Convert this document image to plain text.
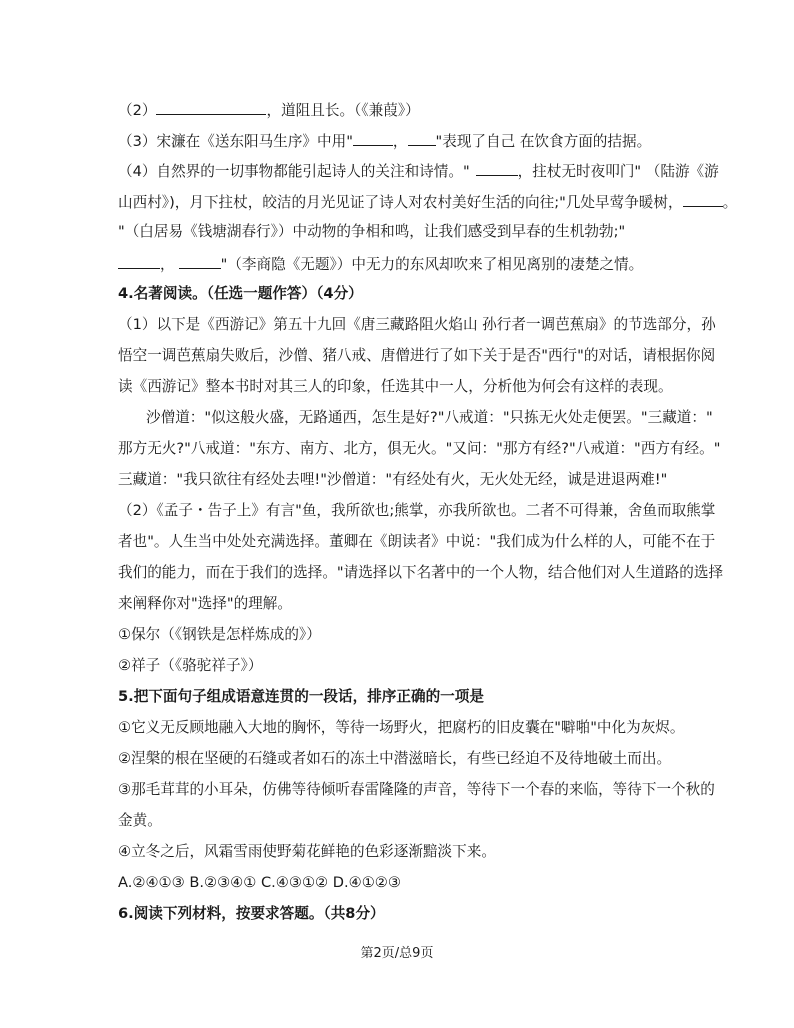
（2）	，道阻且长。（《兼葭》）
（3）宋濂在《送东阳马生序》中用"	， "表现了自己 在饮食方面的拮据。
（4）自然界的一切事物都能引起诗人的关注和诗情。"	，拄杖无时夜叩门" （陆游《游
山西村》)，月下拄杖，皎洁的月光见证了诗人对农村美好生活的向往;"几处早莺争暖树，	。
"（白居易《钱塘湖春行》）中动物的争相和鸣，让我们感受到早春的生机勃勃;"
，	"（李商隐《无题》）中无力的东风却吹来了相见离别的凄楚之情。
4.名著阅读。（任选一题作答）（4分）
（1）以下是《西游记》第五十九回《唐三藏路阻火焰山 孙行者一调芭蕉扇》的节选部分，孙
悟空一调芭蕉扇失败后，沙僧、猪八戒、唐僧进行了如下关于是否"西行"的对话，请根据你阅
读《西游记》整本书时对其三人的印象，任选其中一人，分析他为何会有这样的表现。
沙僧道："似这般火盛，无路通西，怎生是好?"八戒道："只拣无火处走便罢。"三藏道："
那方无火?"八戒道："东方、南方、北方，俱无火。"又问："那方有经?"八戒道："西方有经。"
三藏道："我只欲往有经处去哩!"沙僧道："有经处有火，无火处无经，诚是进退两难!"
（2）《孟子・告子上》有言"鱼，我所欲也;熊掌，亦我所欲也。二者不可得兼，舍鱼而取熊掌
者也"。人生当中处处充满选择。董卿在《朗读者》中说："我们成为什么样的人，可能不在于
我们的能力，而在于我们的选择。"请选择以下名著中的一个人物，结合他们对人生道路的选择
来阐释你对"选择"的理解。
①保尔（《钢铁是怎样炼成的》）
②祥子（《骆驼祥子》）
5.把下面句子组成语意连贯的一段话，排序正确的一项是
①它义无反顾地融入大地的胸怀，等待一场野火，把腐朽的旧皮囊在"噼啪"中化为灰烬。
②涅槃的根在坚硬的石缝或者如石的冻土中潜滋暗长，有些已经迫不及待地破土而出。
③那毛茸茸的小耳朵，仿佛等待倾听春雷隆隆的声音，等待下一个春的来临，等待下一个秋的
金黄。
④立冬之后，风霜雪雨使野菊花鲜艳的色彩逐渐黯淡下来。
A.②④①③ B.②③④① C.④③①② D.④①②③
6.阅读下列材料，按要求答题。（共8分）
第2页/总9页
